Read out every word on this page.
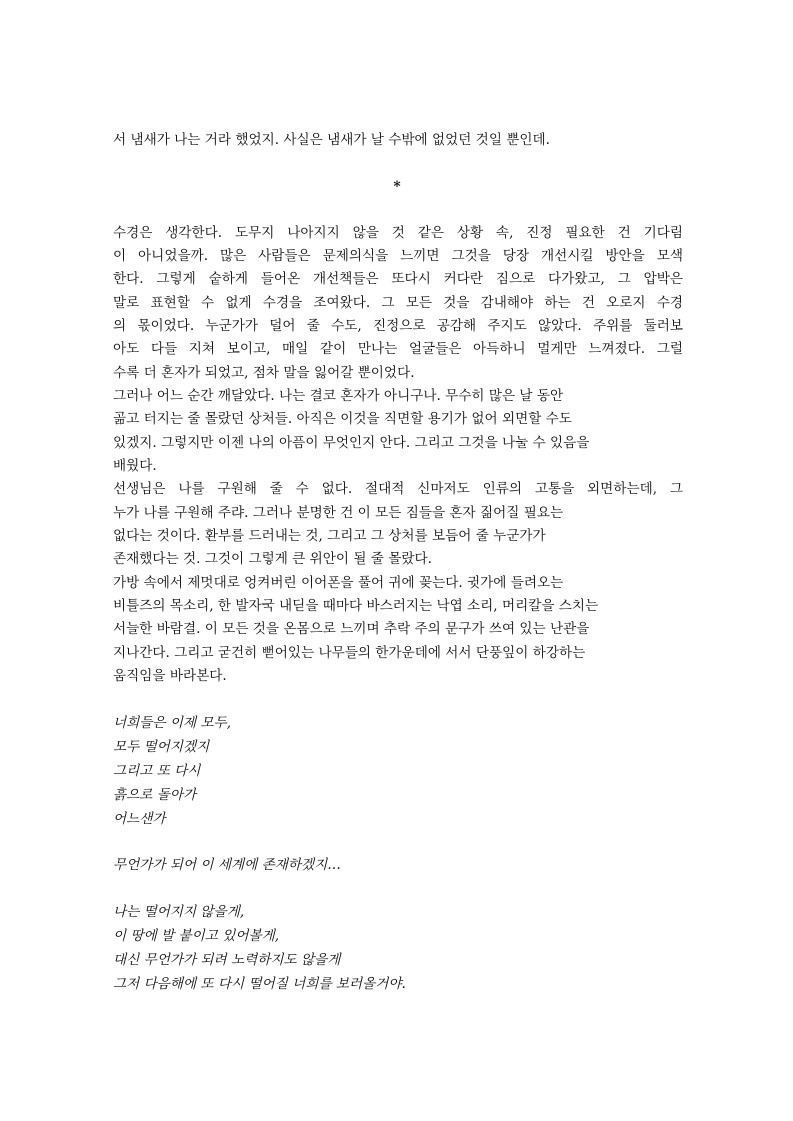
서 냄새가 나는 거라 했었지. 사실은 냄새가 날 수밖에 없었던 것일 뿐인데.
*
수경은 생각한다. 도무지 나아지지 않을 것 같은 상황 속, 진정 필요한 건 기다림
이 아니었을까. 많은 사람들은 문제의식을 느끼면 그것을 당장 개선시킬 방안을 모색
한다. 그렇게 숱하게 들어온 개선책들은 또다시 커다란 짐으로 다가왔고, 그 압박은
말로 표현할 수 없게 수경을 조여왔다. 그 모든 것을 감내해야 하는 건 오로지 수경
의 몫이었다. 누군가가 덜어 줄 수도, 진정으로 공감해 주지도 않았다. 주위를 둘러보
아도 다들 지쳐 보이고, 매일 같이 만나는 얼굴들은 아득하니 멀게만 느껴졌다. 그럴
수록 더 혼자가 되었고, 점차 말을 잃어갈 뿐이었다.
그러나 어느 순간 깨달았다. 나는 결코 혼자가 아니구나. 무수히 많은 날 동안
곪고 터지는 줄 몰랐던 상처들. 아직은 이것을 직면할 용기가 없어 외면할 수도
있겠지. 그렇지만 이젠 나의 아픔이 무엇인지 안다. 그리고 그것을 나눌 수 있음을
배웠다.
선생님은 나를 구원해 줄 수 없다. 절대적 신마저도 인류의 고통을 외면하는데, 그
누가 나를 구원해 주랴. 그러나 분명한 건 이 모든 짐들을 혼자 짊어질 필요는
없다는 것이다. 환부를 드러내는 것, 그리고 그 상처를 보듬어 줄 누군가가
존재했다는 것. 그것이 그렇게 큰 위안이 될 줄 몰랐다.
가방 속에서 제멋대로 엉켜버린 이어폰을 풀어 귀에 꽂는다. 귓가에 들려오는
비틀즈의 목소리, 한 발자국 내딛을 때마다 바스러지는 낙엽 소리, 머리칼을 스치는
서늘한 바람결. 이 모든 것을 온몸으로 느끼며 추락 주의 문구가 쓰여 있는 난관을
지나간다. 그리고 굳건히 뻗어있는 나무들의 한가운데에 서서 단풍잎이 하강하는
움직임을 바라본다.
너희들은 이제 모두,
모두 떨어지겠지
그리고 또 다시
흙으로 돌아가
어느샌가
무언가가 되어 이 세계에 존재하겠지…
나는 떨어지지 않을게,
이 땅에 발 붙이고 있어볼게,
대신 무언가가 되려 노력하지도 않을게
그저 다음해에 또 다시 떨어질 너희를 보러올거야.
